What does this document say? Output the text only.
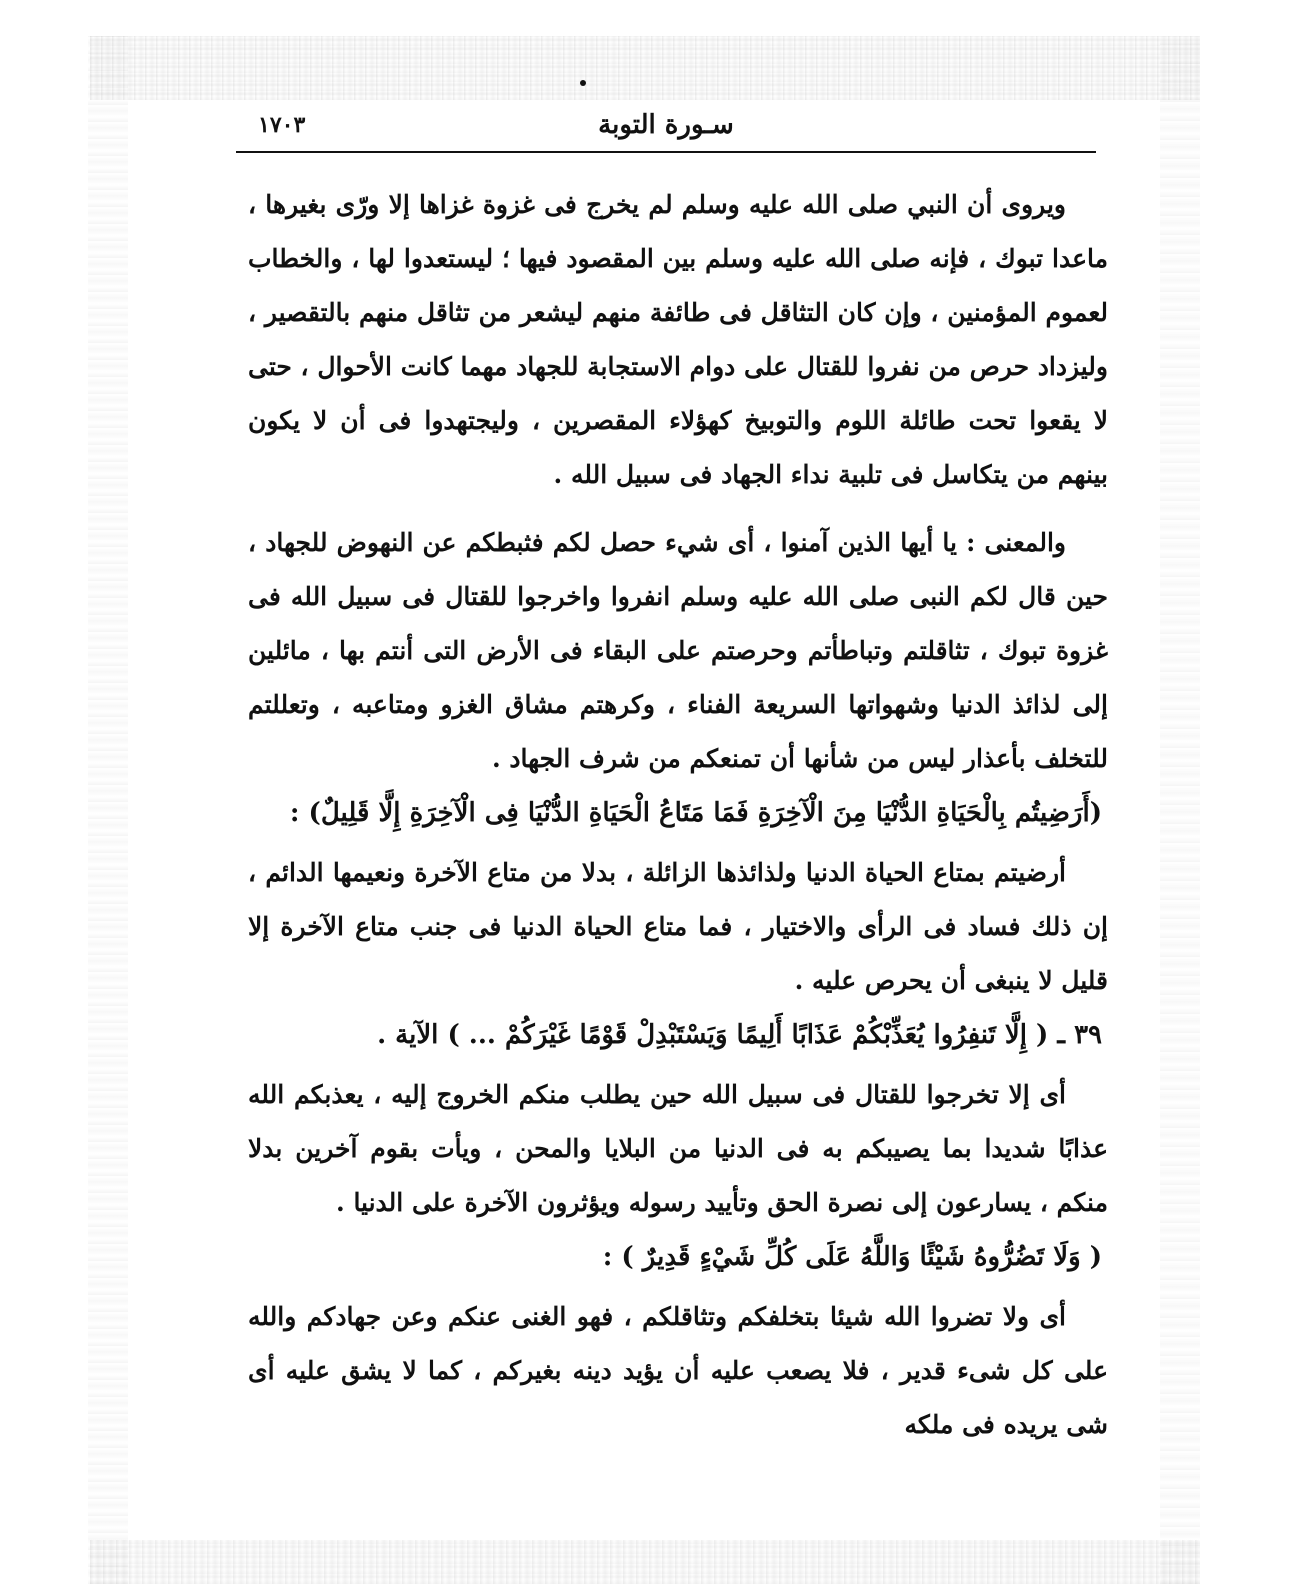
١٧٠٣	سـورة التوبة

ويروى أن النبي صلى الله عليه وسلم لم يخرج فى غزوة غزاها إلا ورّى بغيرها ، ماعدا تبوك ، فإنه صلى الله عليه وسلم بين المقصود فيها ؛ ليستعدوا لها ، والخطاب لعموم المؤمنين ، وإن كان التثاقل فى طائفة منهم ليشعر من تثاقل منهم بالتقصير ، وليزداد حرص من نفروا للقتال على دوام الاستجابة للجهاد مهما كانت الأحوال ، حتى لا يقعوا تحت طائلة اللوم والتوبيخ كهؤلاء المقصرين ، وليجتهدوا فى أن لا يكون بينهم من يتكاسل فى تلبية نداء الجهاد فى سبيل الله .

والمعنى : يا أيها الذين آمنوا ، أى شيء حصل لكم فثبطكم عن النهوض للجهاد ، حين قال لكم النبى صلى الله عليه وسلم انفروا واخرجوا للقتال فى سبيل الله فى غزوة تبوك ، تثاقلتم وتباطأتم وحرصتم على البقاء فى الأرض التى أنتم بها ، مائلين إلى لذائذ الدنيا وشهواتها السريعة الفناء ، وكرهتم مشاق الغزو ومتاعبه ، وتعللتم للتخلف بأعذار ليس من شأنها أن تمنعكم من شرف الجهاد .

(أَرَضِيتُم بِالْحَيَاةِ الدُّنْيَا مِنَ الْآخِرَةِ فَمَا مَتَاعُ الْحَيَاةِ الدُّنْيَا فِى الْآخِرَةِ إِلَّا قَلِيلٌ) :

أرضيتم بمتاع الحياة الدنيا ولذائذها الزائلة ، بدلا من متاع الآخرة ونعيمها الدائم ، إن ذلك فساد فى الرأى والاختيار ، فما متاع الحياة الدنيا فى جنب متاع الآخرة إلا قليل لا ينبغى أن يحرص عليه .

٣٩ ـ ( إِلَّا تَنفِرُوا يُعَذِّبْكُمْ عَذَابًا أَلِيمًا وَيَسْتَبْدِلْ قَوْمًا غَيْرَكُمْ ... ) الآية .

أى إلا تخرجوا للقتال فى سبيل الله حين يطلب منكم الخروج إليه ، يعذبكم الله عذابًا شديدا بما يصيبكم به فى الدنيا من البلايا والمحن ، ويأت بقوم آخرين بدلا منكم ، يسارعون إلى نصرة الحق وتأييد رسوله ويؤثرون الآخرة على الدنيا .

( وَلَا تَضُرُّوهُ شَيْئًا وَاللَّهُ عَلَى كُلِّ شَيْءٍ قَدِيرٌ ) :

أى ولا تضروا الله شيئا بتخلفكم وتثاقلكم ، فهو الغنى عنكم وعن جهادكم والله على كل شىء قدير ، فلا يصعب عليه أن يؤيد دينه بغيركم ، كما لا يشق عليه أى شى يريده فى ملكه
